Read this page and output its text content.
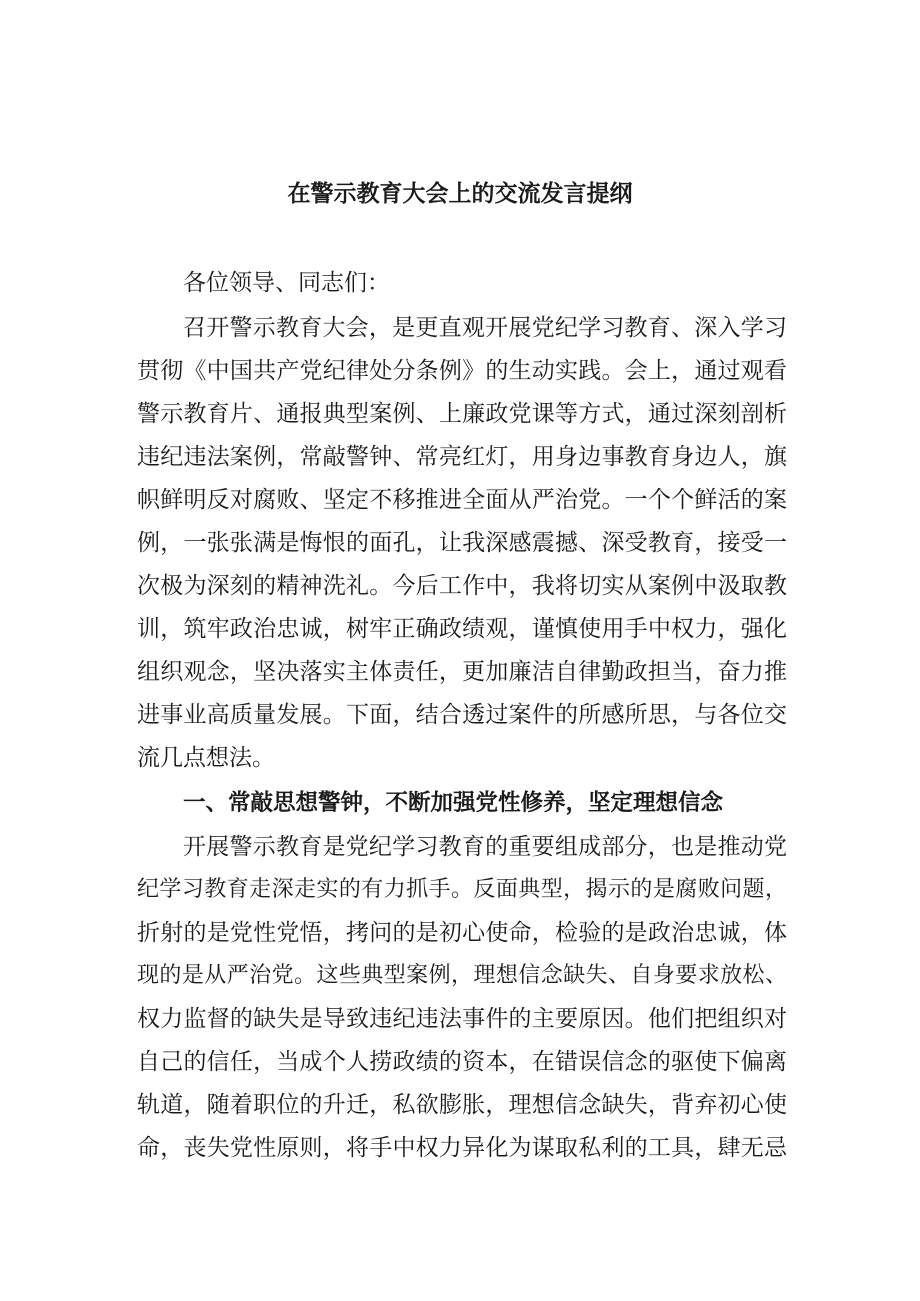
在警示教育大会上的交流发言提纲

各位领导、同志们：

召开警示教育大会，是更直观开展党纪学习教育、深入学习

贯彻《中国共产党纪律处分条例》的生动实践。会上，通过观看

警示教育片、通报典型案例、上廉政党课等方式，通过深刻剖析

违纪违法案例，常敲警钟、常亮红灯，用身边事教育身边人，旗

帜鲜明反对腐败、坚定不移推进全面从严治党。一个个鲜活的案

例，一张张满是悔恨的面孔，让我深感震撼、深受教育，接受一

次极为深刻的精神洗礼。今后工作中，我将切实从案例中汲取教

训，筑牢政治忠诚，树牢正确政绩观，谨慎使用手中权力，强化

组织观念，坚决落实主体责任，更加廉洁自律勤政担当，奋力推

进事业高质量发展。下面，结合透过案件的所感所思，与各位交

流几点想法。

一、常敲思想警钟，不断加强党性修养，坚定理想信念

开展警示教育是党纪学习教育的重要组成部分，也是推动党

纪学习教育走深走实的有力抓手。反面典型，揭示的是腐败问题，

折射的是党性党悟，拷问的是初心使命，检验的是政治忠诚，体

现的是从严治党。这些典型案例，理想信念缺失、自身要求放松、

权力监督的缺失是导致违纪违法事件的主要原因。他们把组织对

自己的信任，当成个人捞政绩的资本，在错误信念的驱使下偏离

轨道，随着职位的升迁，私欲膨胀，理想信念缺失，背弃初心使

命，丧失党性原则，将手中权力异化为谋取私利的工具，肆无忌
